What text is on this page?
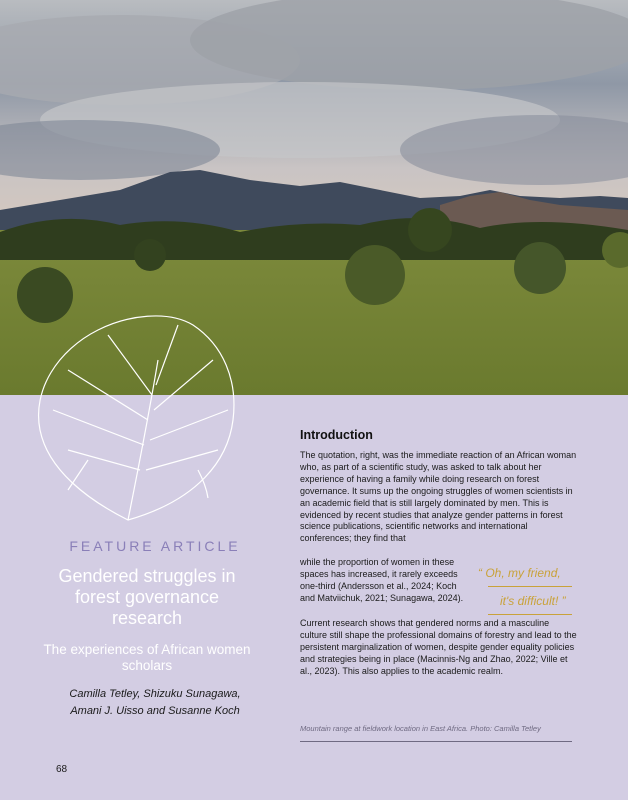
FEATURE ARTICLE
Gendered struggles in forest governance research
The experiences of African women scholars
Camilla Tetley, Shizuku Sunagawa, Amani J. Uisso and Susanne Koch
Introduction
The quotation, right, was the immediate reaction of an African woman who, as part of a scientific study, was asked to talk about her experience of having a family while doing research on forest governance. It sums up the ongoing struggles of women scientists in an academic field that is still largely dominated by men. This is evidenced by recent studies that analyze gender patterns in forest science publications, scientific networks and international conferences; they find that
while the proportion of women in these spaces has increased, it rarely exceeds one-third (Andersson et al., 2024; Koch and Matviichuk, 2021; Sunagawa, 2024).
Current research shows that gendered norms and a masculine culture still shape the professional domains of forestry and lead to the persistent marginalization of women, despite gender equality policies and strategies being in place (Macinnis-Ng and Zhao, 2022; Ville et al., 2023). This also applies to the academic realm.
“ Oh, my friend,
it's difficult! ”
Mountain range at fieldwork location in East Africa. Photo: Camilla Tetley
68
